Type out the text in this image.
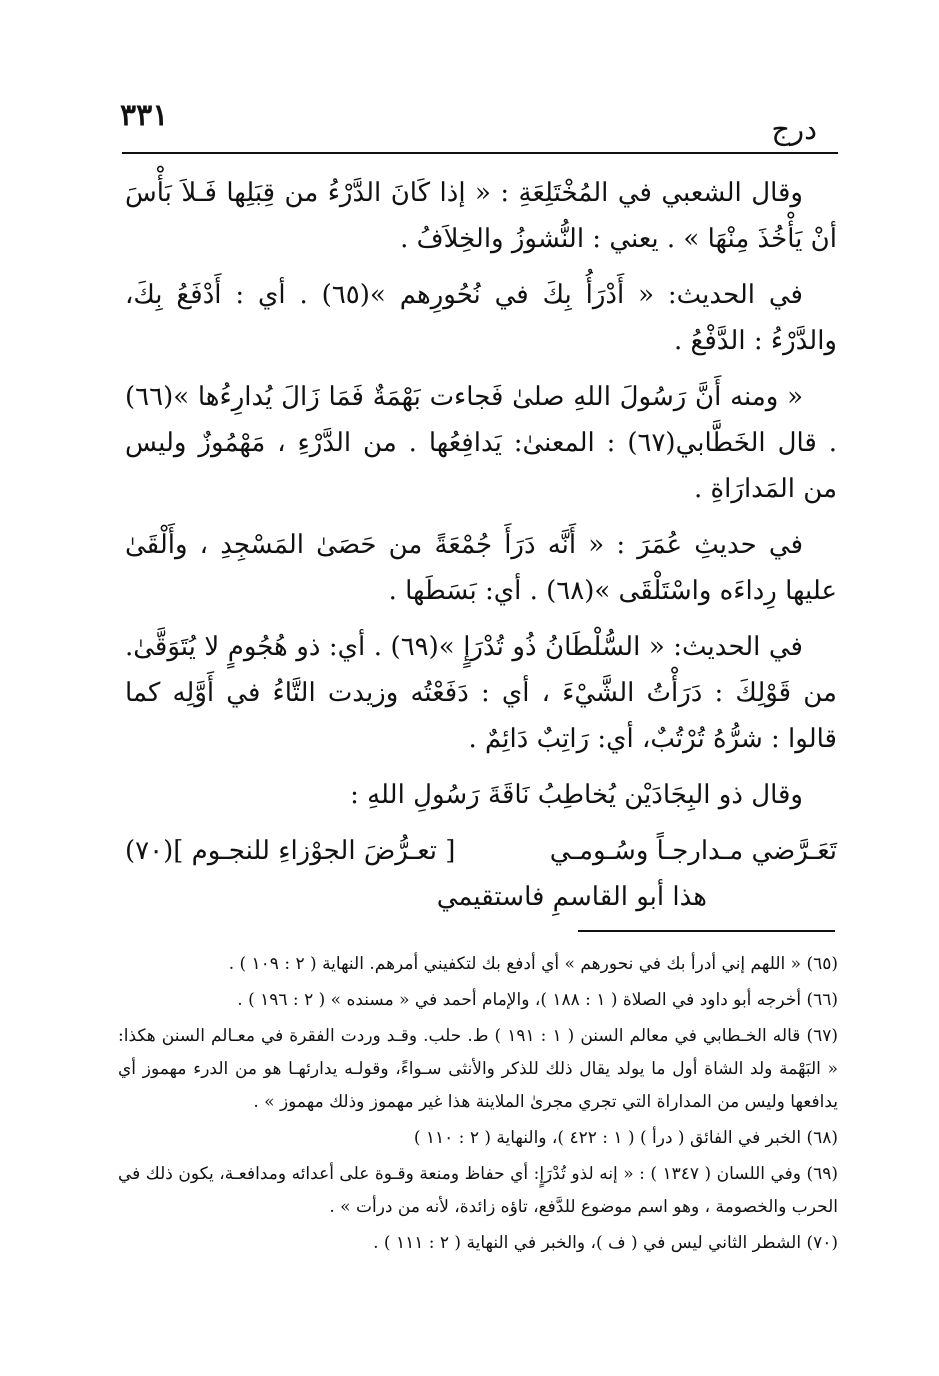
٣٣١	درج

وقال الشعبي في المُخْتَلِعَةِ : « إذا كَانَ الدَّرْءُ من قِبَلِها فَـلاَ بَأْسَ أنْ يَأْخُذَ مِنْهَا » . يعني : النُّشوزُ والخِلاَفُ .

في الحديث: « أَدْرَأُ بِكَ في نُحُورِهم »(٦٥) . أي : أَدْفَعُ بِكَ، والدَّرْءُ : الدَّفْعُ .

« ومنه أَنَّ رَسُولَ اللهِ صلىٰ فَجاءت بَهْمَةٌ فَمَا زَالَ يُدارِءُها »(٦٦) . قال الخَطَّابي(٦٧) : المعنىٰ: يَدافِعُها . من الدَّرْءِ ، مَهْمُوزٌ وليس من المَدارَاةِ .

في حديثِ عُمَرَ : « أَنَّه دَرَأَ جُمْعَةً من حَصَىٰ المَسْجِدِ ، وأَلْقَىٰ عليها رِداءَه واسْتَلْقَى »(٦٨) . أي: بَسَطَها .

في الحديث: « السُّلْطَانُ ذُو تُدْرَإٍ »(٦٩) . أي: ذو هُجُومٍ لا يُتَوَقَّىٰ. من قَوْلِكَ : دَرَأْتُ الشَّيْءَ ، أي : دَفَعْتُه وزيدت التَّاءُ في أَوَّلِه كما قالوا : شرُّهُ تُرْتُبٌ، أي: رَاتِبٌ دَائِمٌ .

وقال ذو البِجَادَيْن يُخاطِبُ نَاقَةَ رَسُولِ اللهِ :

تَعَـرَّضي مـدارجـاً وسُـومـي
[ تعـرُّضَ الجوْزاءِ للنجـوم ](٧٠)
هذا أبو القاسمِ فاستقيمي

(٦٥) « اللهم إني أدرأ بك في نحورهم » أي أدفع بك لتكفيني أمرهم. النهاية ( ٢ : ١٠٩ ) .

(٦٦) أخرجه أبو داود في الصلاة ( ١ : ١٨٨ )، والإمام أحمد في « مسنده » ( ٢ : ١٩٦ ) .

(٦٧) قاله الخـطابي في معالم السنن ( ١ : ١٩١ ) ط. حلب. وقـد وردت الفقرة في معـالم السنن هكذا: « البَهْمة ولد الشاة أول ما يولد يقال ذلك للذكر والأنثى سـواءً، وقولـه يدارئهـا هو من الدرء مهموز أي يدافعها وليس من المداراة التي تجري مجرىٰ الملاينة هذا غير مهموز وذلك مهموز » .

(٦٨) الخبر في الفائق ( درأ ) ( ١ : ٤٢٢ )، والنهاية ( ٢ : ١١٠ )

(٦٩) وفي اللسان ( ١٣٤٧ ) : « إنه لذو تُدْرَإٍ: أي حفاظ ومنعة وقـوة على أعدائه ومدافعـة، يكون ذلك في الحرب والخصومة ، وهو اسم موضوع للدَّفع، تاؤه زائدة، لأنه من درأت » .

(٧٠) الشطر الثاني ليس في ( ف )، والخبر في النهاية ( ٢ : ١١١ ) .
